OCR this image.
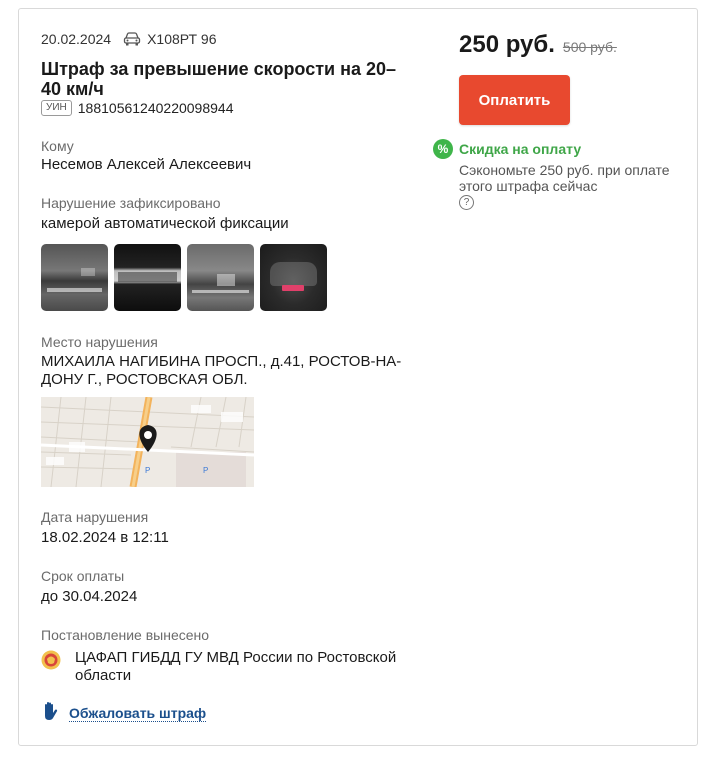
20.02.2024	Х108РТ 96
Штраф за превышение скорости на 20–40 км/ч
УИН 18810561240220098944
Кому
Несемов Алексей Алексеевич
Нарушение зафиксировано
камерой автоматической фиксации
Место нарушения
МИХАИЛА НАГИБИНА ПРОСП., д.41, РОСТОВ-НА-ДОНУ Г., РОСТОВСКАЯ ОБЛ.
P	P
Дата нарушения
18.02.2024 в 12:11
Срок оплаты
до 30.04.2024
Постановление вынесено
ЦАФАП ГИБДД ГУ МВД России по Ростовской области
Обжаловать штраф
250 руб. 500 руб.
Оплатить
% Скидка на оплату
Сэкономьте 250 руб. при оплате этого штрафа сейчас
?
